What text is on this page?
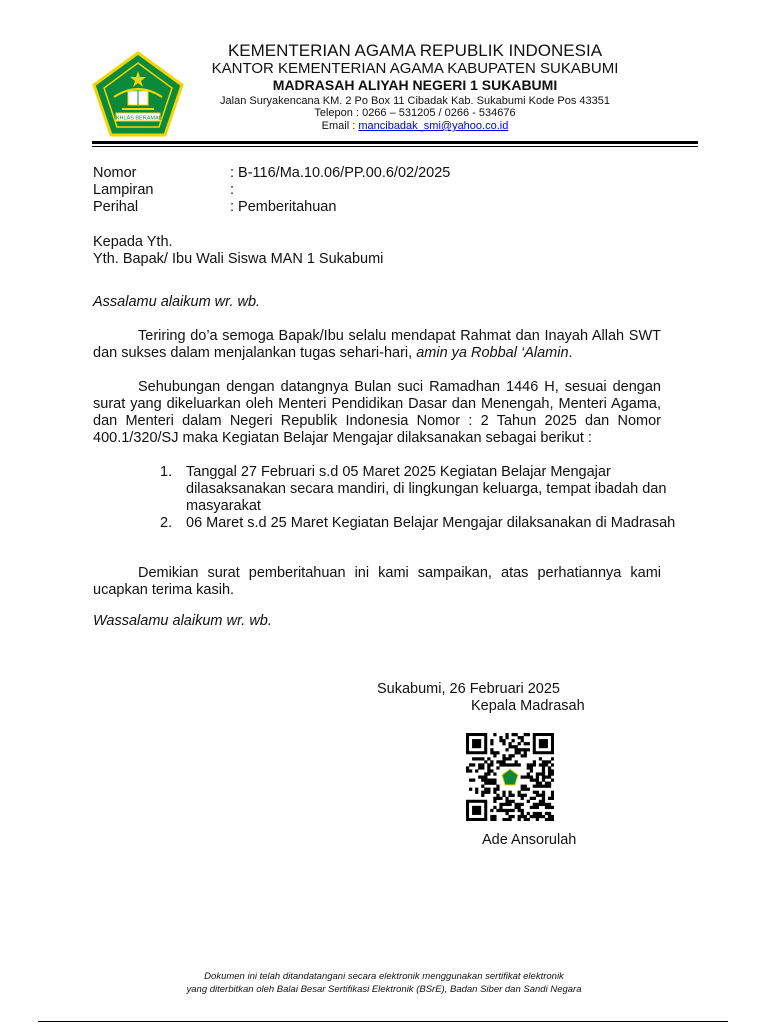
IKHLAS BERAMAL
KEMENTERIAN AGAMA REPUBLIK INDONESIA
KANTOR KEMENTERIAN AGAMA KABUPATEN SUKABUMI
MADRASAH ALIYAH NEGERI 1 SUKABUMI
Jalan Suryakencana KM. 2 Po Box 11 Cibadak Kab. Sukabumi Kode Pos 43351
Telepon : 0266 – 531205 / 0266 - 534676
Email : mancibadak_smi@yahoo.co.id
Nomor	: B-116/Ma.10.06/PP.00.6/02/2025
Lampiran	:
Perihal	: Pemberitahuan
Kepada Yth.
Yth. Bapak/ Ibu Wali Siswa MAN 1 Sukabumi
Assalamu alaikum wr. wb.
Teriring do’a semoga Bapak/Ibu selalu mendapat Rahmat dan Inayah Allah SWT dan sukses dalam menjalankan tugas sehari-hari, amin ya Robbal ‘Alamin.
Sehubungan dengan datangnya Bulan suci Ramadhan 1446 H, sesuai dengan surat yang dikeluarkan oleh Menteri Pendidikan Dasar dan Menengah, Menteri Agama, dan Menteri dalam Negeri Republik Indonesia Nomor : 2 Tahun 2025 dan Nomor 400.1/320/SJ maka Kegiatan Belajar Mengajar dilaksanakan sebagai berikut :
1. Tanggal 27 Februari s.d 05 Maret 2025 Kegiatan Belajar Mengajar dilasaksanakan secara mandiri, di lingkungan keluarga, tempat ibadah dan masyarakat
2. 06 Maret s.d 25 Maret Kegiatan Belajar Mengajar dilaksanakan di Madrasah
Demikian surat pemberitahuan ini kami sampaikan, atas perhatiannya kami ucapkan terima kasih.
Wassalamu alaikum wr. wb.
Sukabumi, 26 Februari 2025
Kepala Madrasah
Ade Ansorulah
Dokumen ini telah ditandatangani secara elektronik menggunakan sertifikat elektronik
yang diterbitkan oleh Balai Besar Sertifikasi Elektronik (BSrE), Badan Siber dan Sandi Negara
